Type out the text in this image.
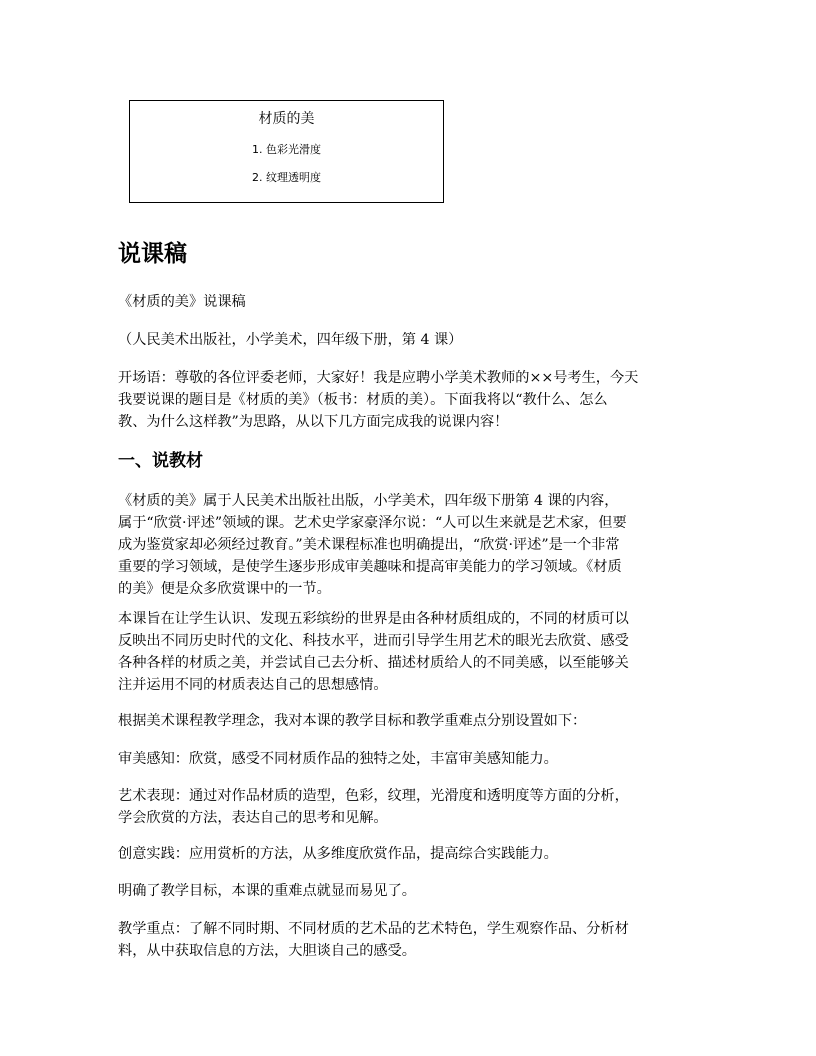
材质的美
1. 色彩光滑度
2. 纹理透明度
说课稿

《材质的美》说课稿

（人民美术出版社，小学美术，四年级下册，第 4 课）

开场语：尊敬的各位评委老师，大家好！我是应聘小学美术教师的××号考生，今天
我要说课的题目是《材质的美》（板书：材质的美）。下面我将以“教什么、怎么
教、为什么这样教”为思路，从以下几方面完成我的说课内容！

一、说教材

《材质的美》属于人民美术出版社出版，小学美术，四年级下册第 4 课的内容，
属于“欣赏·评述”领域的课。艺术史学家豪泽尔说：“人可以生来就是艺术家，但要
成为鉴赏家却必须经过教育。”美术课程标准也明确提出，“欣赏·评述”是一个非常
重要的学习领域，是使学生逐步形成审美趣味和提高审美能力的学习领域。《材质
的美》便是众多欣赏课中的一节。

本课旨在让学生认识、发现五彩缤纷的世界是由各种材质组成的，不同的材质可以
反映出不同历史时代的文化、科技水平，进而引导学生用艺术的眼光去欣赏、感受
各种各样的材质之美，并尝试自己去分析、描述材质给人的不同美感，以至能够关
注并运用不同的材质表达自己的思想感情。

根据美术课程教学理念，我对本课的教学目标和教学重难点分别设置如下：

审美感知：欣赏，感受不同材质作品的独特之处，丰富审美感知能力。

艺术表现：通过对作品材质的造型，色彩，纹理，光滑度和透明度等方面的分析，
学会欣赏的方法，表达自己的思考和见解。

创意实践：应用赏析的方法，从多维度欣赏作品，提高综合实践能力。

明确了教学目标，本课的重难点就显而易见了。

教学重点：了解不同时期、不同材质的艺术品的艺术特色，学生观察作品、分析材
料，从中获取信息的方法，大胆谈自己的感受。
